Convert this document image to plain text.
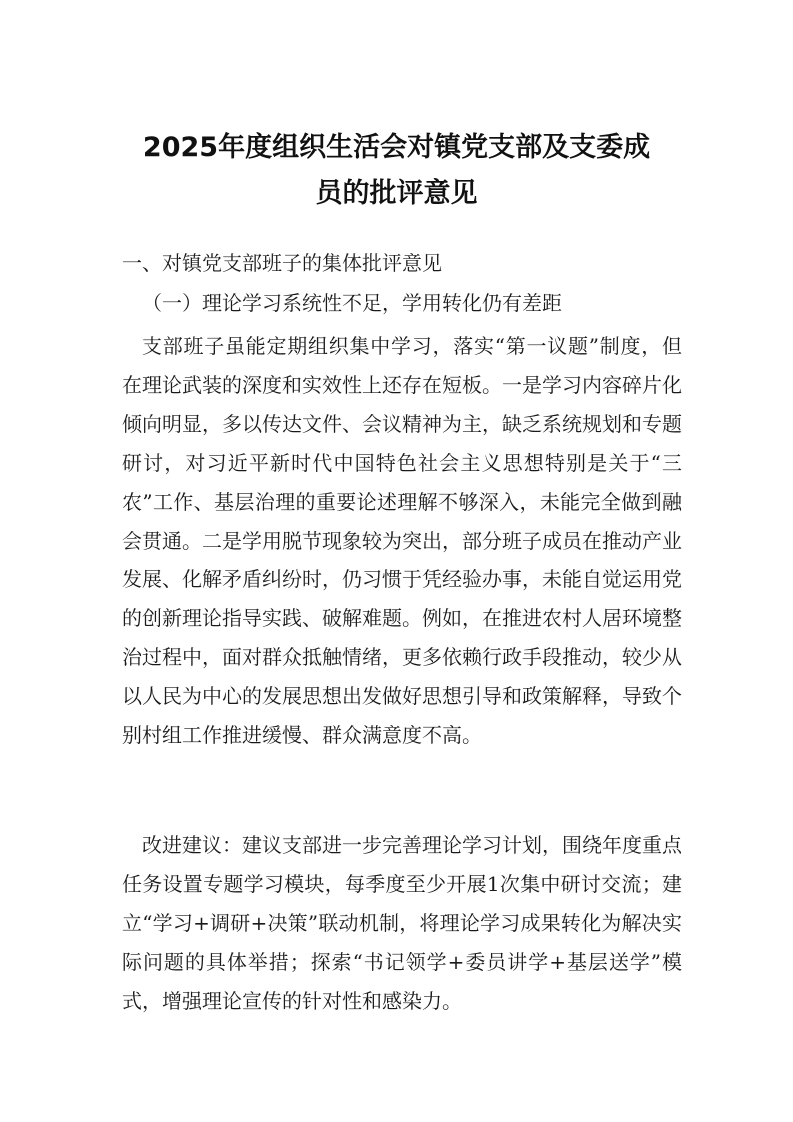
2025年度组织生活会对镇党支部及支委成
员的批评意见
一、对镇党支部班子的集体批评意见
（一）理论学习系统性不足，学用转化仍有差距

支部班子虽能定期组织集中学习，落实“第一议题”制度，但在理论武装的深度和实效性上还存在短板。一是学习内容碎片化倾向明显，多以传达文件、会议精神为主，缺乏系统规划和专题研讨，对习近平新时代中国特色社会主义思想特别是关于“三农”工作、基层治理的重要论述理解不够深入，未能完全做到融会贯通。二是学用脱节现象较为突出，部分班子成员在推动产业发展、化解矛盾纠纷时，仍习惯于凭经验办事，未能自觉运用党的创新理论指导实践、破解难题。例如，在推进农村人居环境整治过程中，面对群众抵触情绪，更多依赖行政手段推动，较少从以人民为中心的发展思想出发做好思想引导和政策解释，导致个别村组工作推进缓慢、群众满意度不高。

改进建议：建议支部进一步完善理论学习计划，围绕年度重点任务设置专题学习模块，每季度至少开展1次集中研讨交流；建立“学习+调研+决策”联动机制，将理论学习成果转化为解决实际问题的具体举措；探索“书记领学+委员讲学+基层送学”模式，增强理论宣传的针对性和感染力。
